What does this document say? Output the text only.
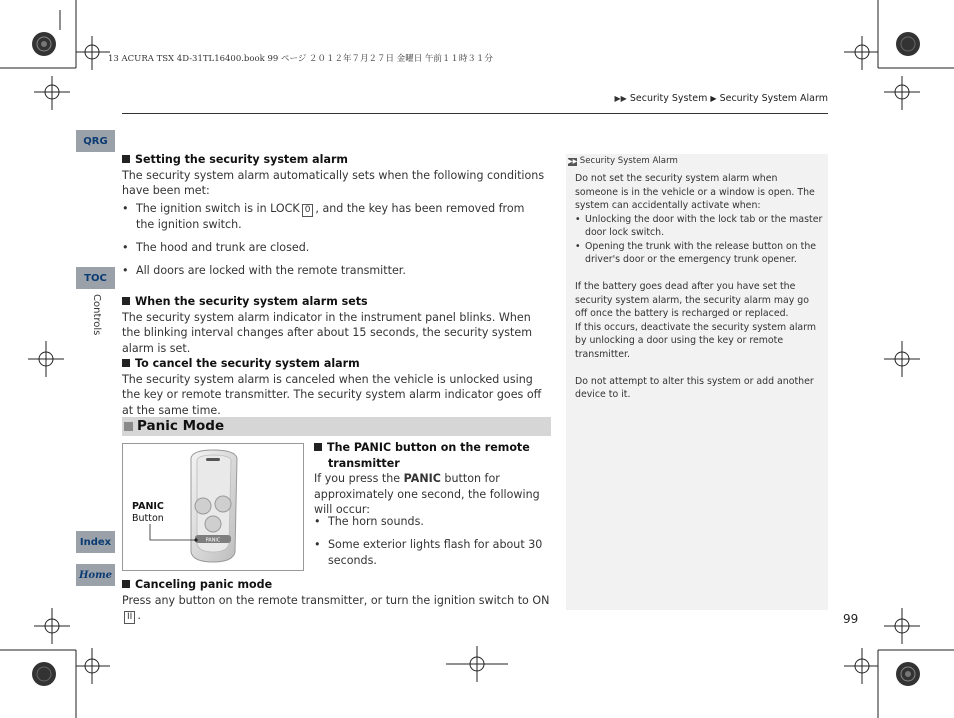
13 ACURA TSX 4D-31TL16400.book 99 ページ ２０１２年７月２７日 金曜日 午前１１時３１分
▶▶ Security System ▶ Security System Alarm
QRG
TOC
Index
Home
Controls
Setting the security system alarm
The security system alarm automatically sets when the following conditions have been met:
• The ignition switch is in LOCK 0 , and the key has been removed from the ignition switch.
• The hood and trunk are closed.
• All doors are locked with the remote transmitter.
When the security system alarm sets
The security system alarm indicator in the instrument panel blinks. When the blinking interval changes after about 15 seconds, the security system alarm is set.
To cancel the security system alarm
The security system alarm is canceled when the vehicle is unlocked using the key or remote transmitter. The security system alarm indicator goes off at the same time.
Panic Mode
PANIC
PANIC
Button
The PANIC button on the remote
transmitter
If you press the PANIC button for approximately one second, the following will occur:
• The horn sounds.
• Some exterior lights flash for about 30 seconds.
Canceling panic mode
Press any button on the remote transmitter, or turn the ignition switch to ONII .
▶▶ Security System Alarm
Do not set the security system alarm when someone is in the vehicle or a window is open. The system can accidentally activate when:
• Unlocking the door with the lock tab or the master door lock switch.
• Opening the trunk with the release button on the driver's door or the emergency trunk opener.
If the battery goes dead after you have set the security system alarm, the security alarm may go off once the battery is recharged or replaced.
If this occurs, deactivate the security system alarm by unlocking a door using the key or remote transmitter.
Do not attempt to alter this system or add another device to it.
99
